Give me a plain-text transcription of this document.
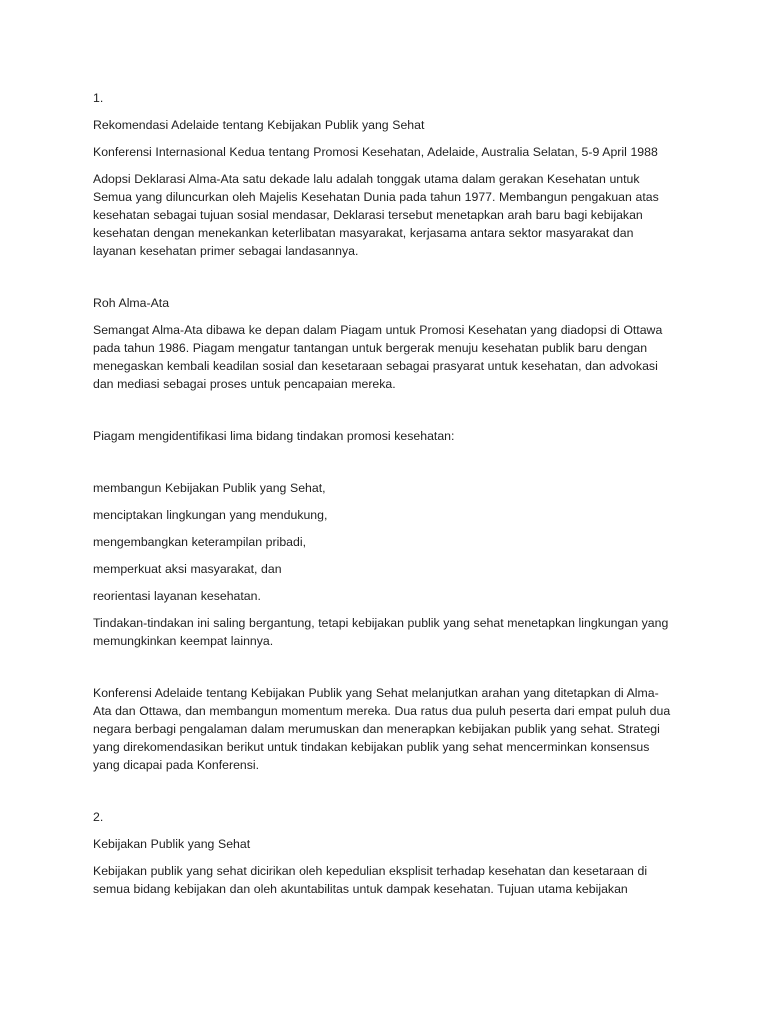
1.

Rekomendasi Adelaide tentang Kebijakan Publik yang Sehat

Konferensi Internasional Kedua tentang Promosi Kesehatan, Adelaide, Australia Selatan, 5-9 April 1988

Adopsi Deklarasi Alma-Ata satu dekade lalu adalah tonggak utama dalam gerakan Kesehatan untuk Semua yang diluncurkan oleh Majelis Kesehatan Dunia pada tahun 1977. Membangun pengakuan atas kesehatan sebagai tujuan sosial mendasar, Deklarasi tersebut menetapkan arah baru bagi kebijakan kesehatan dengan menekankan keterlibatan masyarakat, kerjasama antara sektor masyarakat dan layanan kesehatan primer sebagai landasannya.

Roh Alma-Ata

Semangat Alma-Ata dibawa ke depan dalam Piagam untuk Promosi Kesehatan yang diadopsi di Ottawa pada tahun 1986. Piagam mengatur tantangan untuk bergerak menuju kesehatan publik baru dengan menegaskan kembali keadilan sosial dan kesetaraan sebagai prasyarat untuk kesehatan, dan advokasi dan mediasi sebagai proses untuk pencapaian mereka.

Piagam mengidentifikasi lima bidang tindakan promosi kesehatan:

membangun Kebijakan Publik yang Sehat,

menciptakan lingkungan yang mendukung,

mengembangkan keterampilan pribadi,

memperkuat aksi masyarakat, dan

reorientasi layanan kesehatan.

Tindakan-tindakan ini saling bergantung, tetapi kebijakan publik yang sehat menetapkan lingkungan yang memungkinkan keempat lainnya.

Konferensi Adelaide tentang Kebijakan Publik yang Sehat melanjutkan arahan yang ditetapkan di Alma-Ata dan Ottawa, dan membangun momentum mereka. Dua ratus dua puluh peserta dari empat puluh dua negara berbagi pengalaman dalam merumuskan dan menerapkan kebijakan publik yang sehat. Strategi yang direkomendasikan berikut untuk tindakan kebijakan publik yang sehat mencerminkan konsensus yang dicapai pada Konferensi.

2.

Kebijakan Publik yang Sehat

Kebijakan publik yang sehat dicirikan oleh kepedulian eksplisit terhadap kesehatan dan kesetaraan di semua bidang kebijakan dan oleh akuntabilitas untuk dampak kesehatan. Tujuan utama kebijakan
